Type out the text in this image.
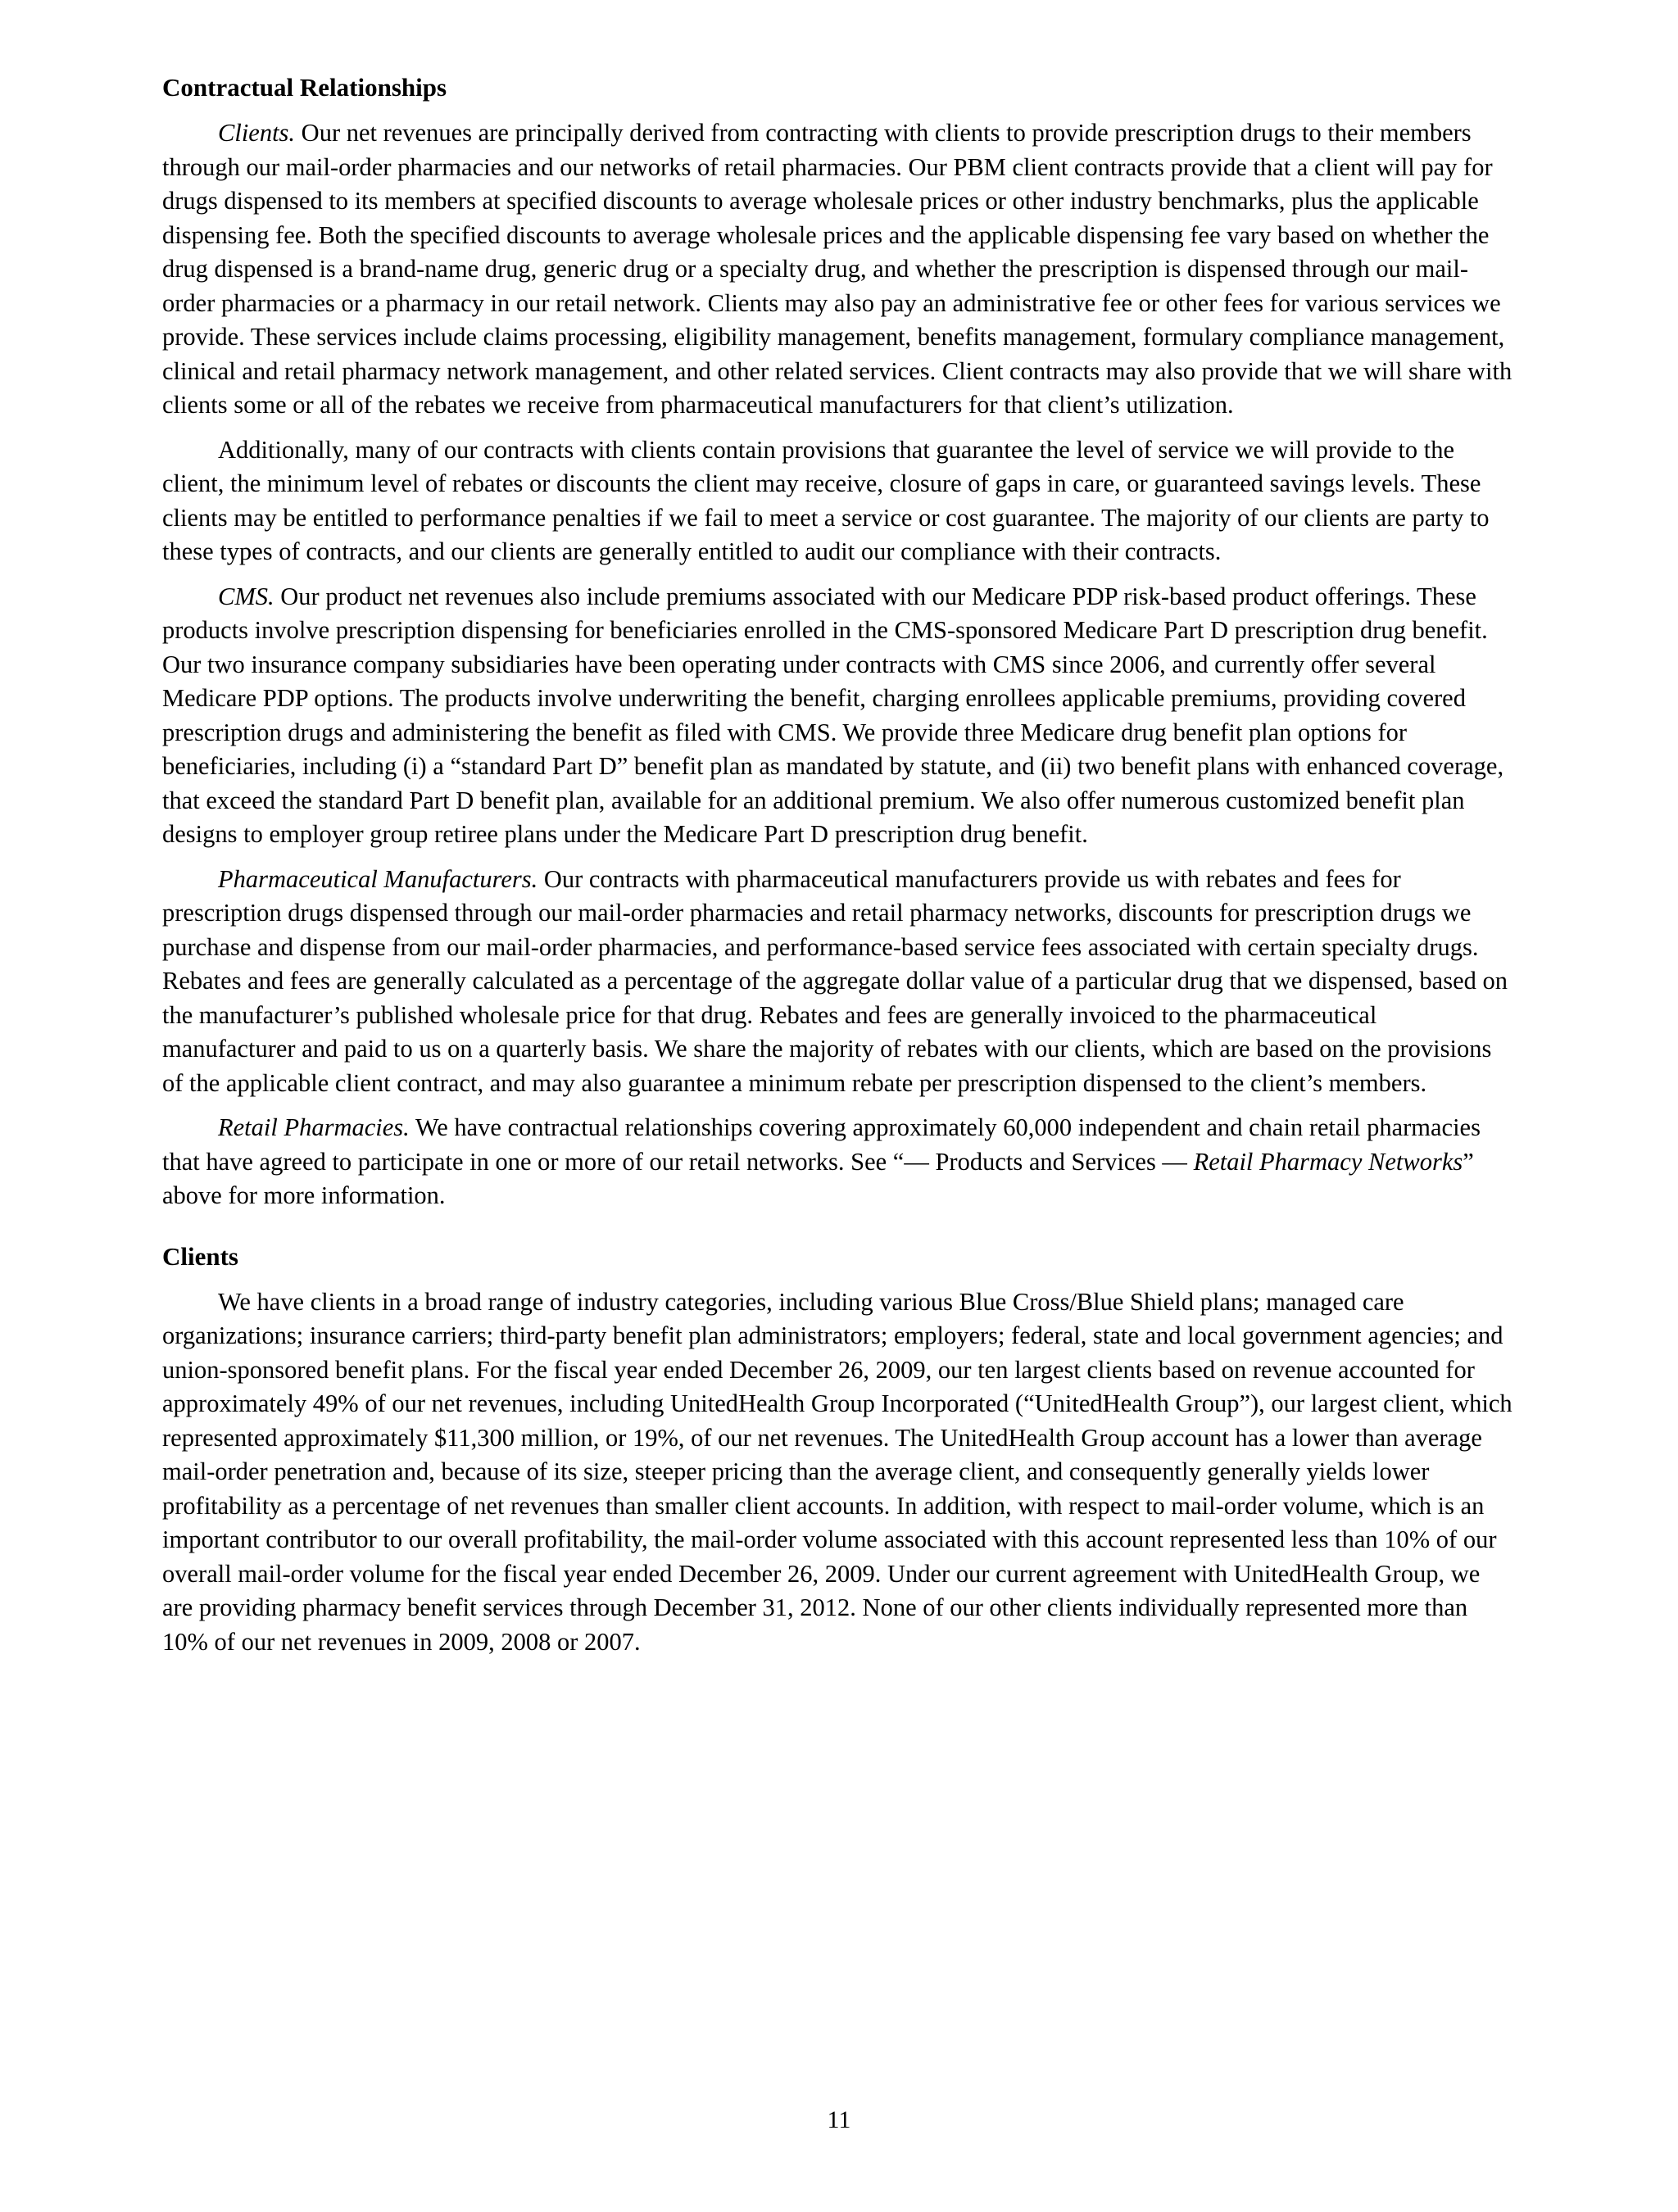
Contractual Relationships

Clients. Our net revenues are principally derived from contracting with clients to provide prescription drugs to their members through our mail-order pharmacies and our networks of retail pharmacies. Our PBM client contracts provide that a client will pay for drugs dispensed to its members at specified discounts to average wholesale prices or other industry benchmarks, plus the applicable dispensing fee. Both the specified discounts to average wholesale prices and the applicable dispensing fee vary based on whether the drug dispensed is a brand-name drug, generic drug or a specialty drug, and whether the prescription is dispensed through our mail-order pharmacies or a pharmacy in our retail network. Clients may also pay an administrative fee or other fees for various services we provide. These services include claims processing, eligibility management, benefits management, formulary compliance management, clinical and retail pharmacy network management, and other related services. Client contracts may also provide that we will share with clients some or all of the rebates we receive from pharmaceutical manufacturers for that client’s utilization.

Additionally, many of our contracts with clients contain provisions that guarantee the level of service we will provide to the client, the minimum level of rebates or discounts the client may receive, closure of gaps in care, or guaranteed savings levels. These clients may be entitled to performance penalties if we fail to meet a service or cost guarantee. The majority of our clients are party to these types of contracts, and our clients are generally entitled to audit our compliance with their contracts.

CMS. Our product net revenues also include premiums associated with our Medicare PDP risk-based product offerings. These products involve prescription dispensing for beneficiaries enrolled in the CMS-sponsored Medicare Part D prescription drug benefit. Our two insurance company subsidiaries have been operating under contracts with CMS since 2006, and currently offer several Medicare PDP options. The products involve underwriting the benefit, charging enrollees applicable premiums, providing covered prescription drugs and administering the benefit as filed with CMS. We provide three Medicare drug benefit plan options for beneficiaries, including (i) a “standard Part D” benefit plan as mandated by statute, and (ii) two benefit plans with enhanced coverage, that exceed the standard Part D benefit plan, available for an additional premium. We also offer numerous customized benefit plan designs to employer group retiree plans under the Medicare Part D prescription drug benefit.

Pharmaceutical Manufacturers. Our contracts with pharmaceutical manufacturers provide us with rebates and fees for prescription drugs dispensed through our mail-order pharmacies and retail pharmacy networks, discounts for prescription drugs we purchase and dispense from our mail-order pharmacies, and performance-based service fees associated with certain specialty drugs. Rebates and fees are generally calculated as a percentage of the aggregate dollar value of a particular drug that we dispensed, based on the manufacturer’s published wholesale price for that drug. Rebates and fees are generally invoiced to the pharmaceutical manufacturer and paid to us on a quarterly basis. We share the majority of rebates with our clients, which are based on the provisions of the applicable client contract, and may also guarantee a minimum rebate per prescription dispensed to the client’s members.

Retail Pharmacies. We have contractual relationships covering approximately 60,000 independent and chain retail pharmacies that have agreed to participate in one or more of our retail networks. See “— Products and Services — Retail Pharmacy Networks” above for more information.

Clients

We have clients in a broad range of industry categories, including various Blue Cross/Blue Shield plans; managed care organizations; insurance carriers; third-party benefit plan administrators; employers; federal, state and local government agencies; and union-sponsored benefit plans. For the fiscal year ended December 26, 2009, our ten largest clients based on revenue accounted for approximately 49% of our net revenues, including UnitedHealth Group Incorporated (“UnitedHealth Group”), our largest client, which represented approximately $11,300 million, or 19%, of our net revenues. The UnitedHealth Group account has a lower than average mail-order penetration and, because of its size, steeper pricing than the average client, and consequently generally yields lower profitability as a percentage of net revenues than smaller client accounts. In addition, with respect to mail-order volume, which is an important contributor to our overall profitability, the mail-order volume associated with this account represented less than 10% of our overall mail-order volume for the fiscal year ended December 26, 2009. Under our current agreement with UnitedHealth Group, we are providing pharmacy benefit services through December 31, 2012. None of our other clients individually represented more than 10% of our net revenues in 2009, 2008 or 2007.

11
